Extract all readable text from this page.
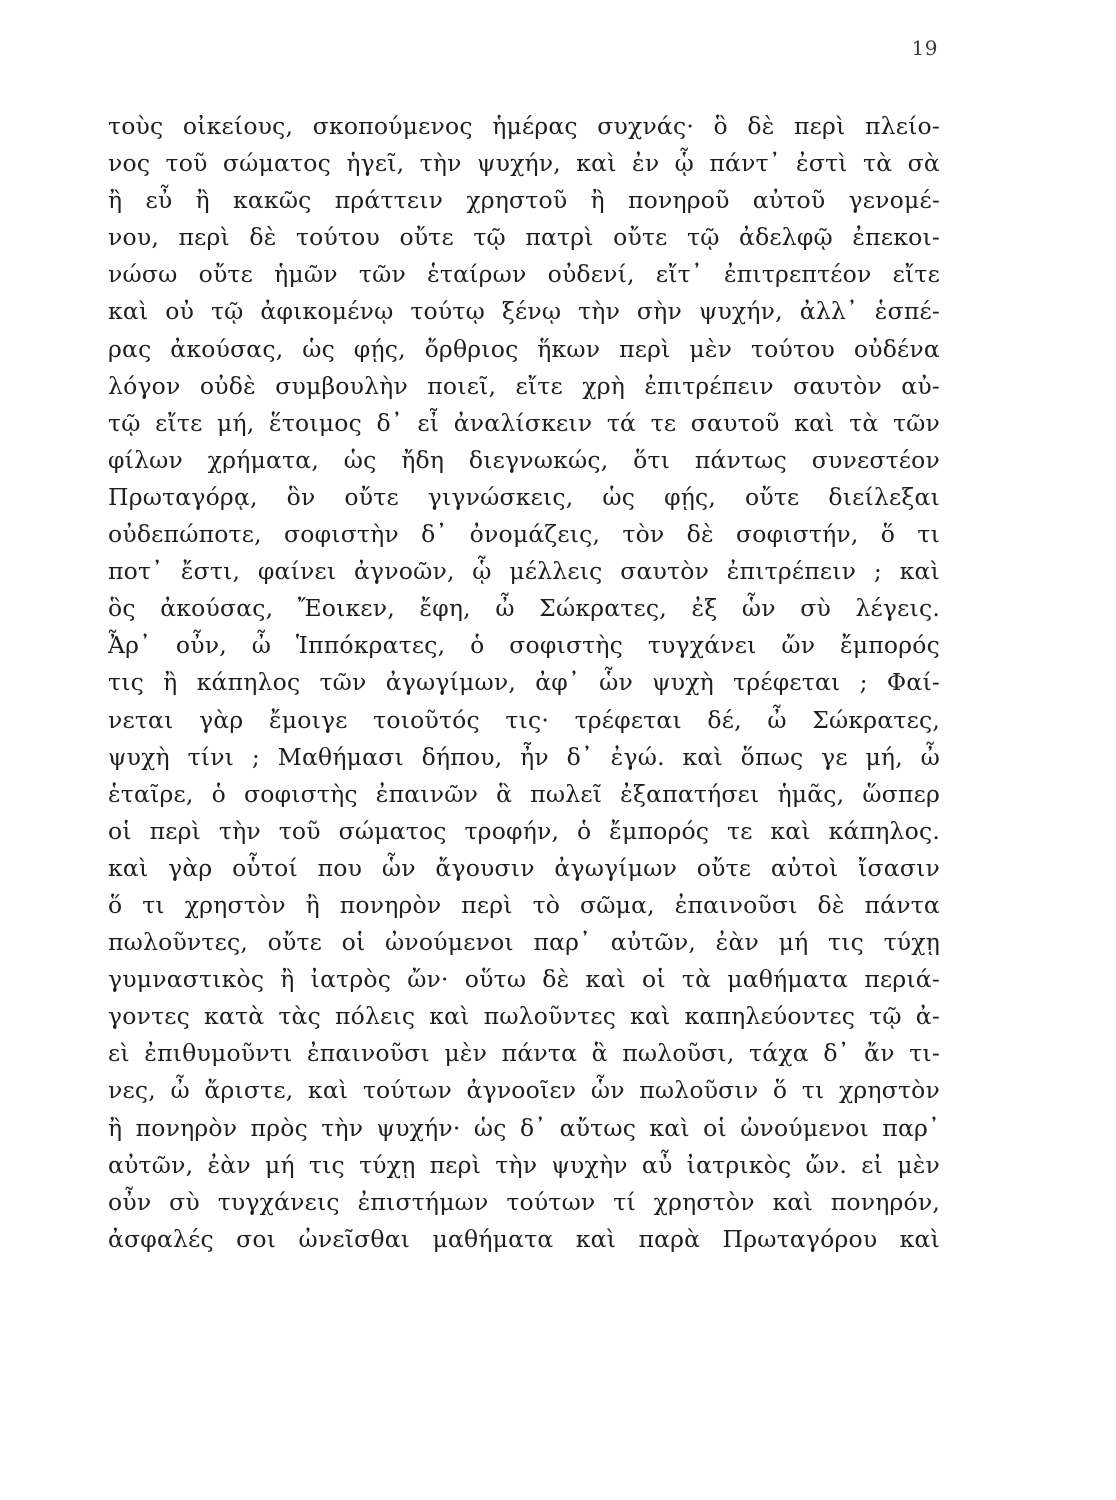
19
τοὺς οἰκείους, σκοπούμενος ἡμέρας συχνάς· ὃ δὲ περὶ πλείο-
νος τοῦ σώματος ἡγεῖ, τὴν ψυχήν, καὶ ἐν ᾧ πάντ᾽ ἐστὶ τὰ σὰ
ἢ εὖ ἢ κακῶς πράττειν χρηστοῦ ἢ πονηροῦ αὐτοῦ γενομέ-
νου, περὶ δὲ τούτου οὔτε τῷ πατρὶ οὔτε τῷ ἀδελφῷ ἐπεκοι-
νώσω οὔτε ἡμῶν τῶν ἑταίρων οὐδενί, εἴτ᾽ ἐπιτρεπτέον εἴτε
καὶ οὐ τῷ ἀφικομένῳ τούτῳ ξένῳ τὴν σὴν ψυχήν, ἀλλ᾽ ἑσπέ-
ρας ἀκούσας, ὡς φῄς, ὄρθριος ἥκων περὶ μὲν τούτου οὐδένα
λόγον οὐδὲ συμβουλὴν ποιεῖ, εἴτε χρὴ ἐπιτρέπειν σαυτὸν αὐ-
τῷ εἴτε μή, ἕτοιμος δ᾽ εἶ ἀναλίσκειν τά τε σαυτοῦ καὶ τὰ τῶν
φίλων χρήματα, ὡς ἤδη διεγνωκώς, ὅτι πάντως συνεστέον
Πρωταγόρᾳ, ὃν οὔτε γιγνώσκεις, ὡς φῄς, οὔτε διείλεξαι
οὐδεπώποτε, σοφιστὴν δ᾽ ὀνομάζεις, τὸν δὲ σοφιστήν, ὅ τι
ποτ᾽ ἔστι, φαίνει ἀγνοῶν, ᾧ μέλλεις σαυτὸν ἐπιτρέπειν ; καὶ
ὃς ἀκούσας, Ἔοικεν, ἔφη, ὦ Σώκρατες, ἐξ ὧν σὺ λέγεις.
Ἆρ᾽ οὖν, ὦ Ἱππόκρατες, ὁ σοφιστὴς τυγχάνει ὤν ἔμπορός
τις ἢ κάπηλος τῶν ἀγωγίμων, ἀφ᾽ ὧν ψυχὴ τρέφεται ; Φαί-
νεται γὰρ ἔμοιγε τοιοῦτός τις· τρέφεται δέ, ὦ Σώκρατες,
ψυχὴ τίνι ; Μαθήμασι δήπου, ἦν δ᾽ ἐγώ. καὶ ὅπως γε μή, ὦ
ἑταῖρε, ὁ σοφιστὴς ἐπαινῶν ἃ πωλεῖ ἐξαπατήσει ἡμᾶς, ὥσπερ
οἱ περὶ τὴν τοῦ σώματος τροφήν, ὁ ἔμπορός τε καὶ κάπηλος.
καὶ γὰρ οὗτοί που ὧν ἄγουσιν ἀγωγίμων οὔτε αὐτοὶ ἴσασιν
ὅ τι χρηστὸν ἢ πονηρὸν περὶ τὸ σῶμα, ἐπαινοῦσι δὲ πάντα
πωλοῦντες, οὔτε οἱ ὠνούμενοι παρ᾽ αὐτῶν, ἐὰν μή τις τύχῃ
γυμναστικὸς ἢ ἰατρὸς ὤν· οὕτω δὲ καὶ οἱ τὰ μαθήματα περιά-
γοντες κατὰ τὰς πόλεις καὶ πωλοῦντες καὶ καπηλεύοντες τῷ ἀ-
εὶ ἐπιθυμοῦντι ἐπαινοῦσι μὲν πάντα ἃ πωλοῦσι, τάχα δ᾽ ἄν τι-
νες, ὦ ἄριστε, καὶ τούτων ἀγνοοῖεν ὧν πωλοῦσιν ὅ τι χρηστὸν
ἢ πονηρὸν πρὸς τὴν ψυχήν· ὡς δ᾽ αὔτως καὶ οἱ ὠνούμενοι παρ᾽
αὐτῶν, ἐὰν μή τις τύχῃ περὶ τὴν ψυχὴν αὖ ἰατρικὸς ὤν. εἰ μὲν
οὖν σὺ τυγχάνεις ἐπιστήμων τούτων τί χρηστὸν καὶ πονηρόν,
ἀσφαλές σοι ὠνεῖσθαι μαθήματα καὶ παρὰ Πρωταγόρου καὶ
